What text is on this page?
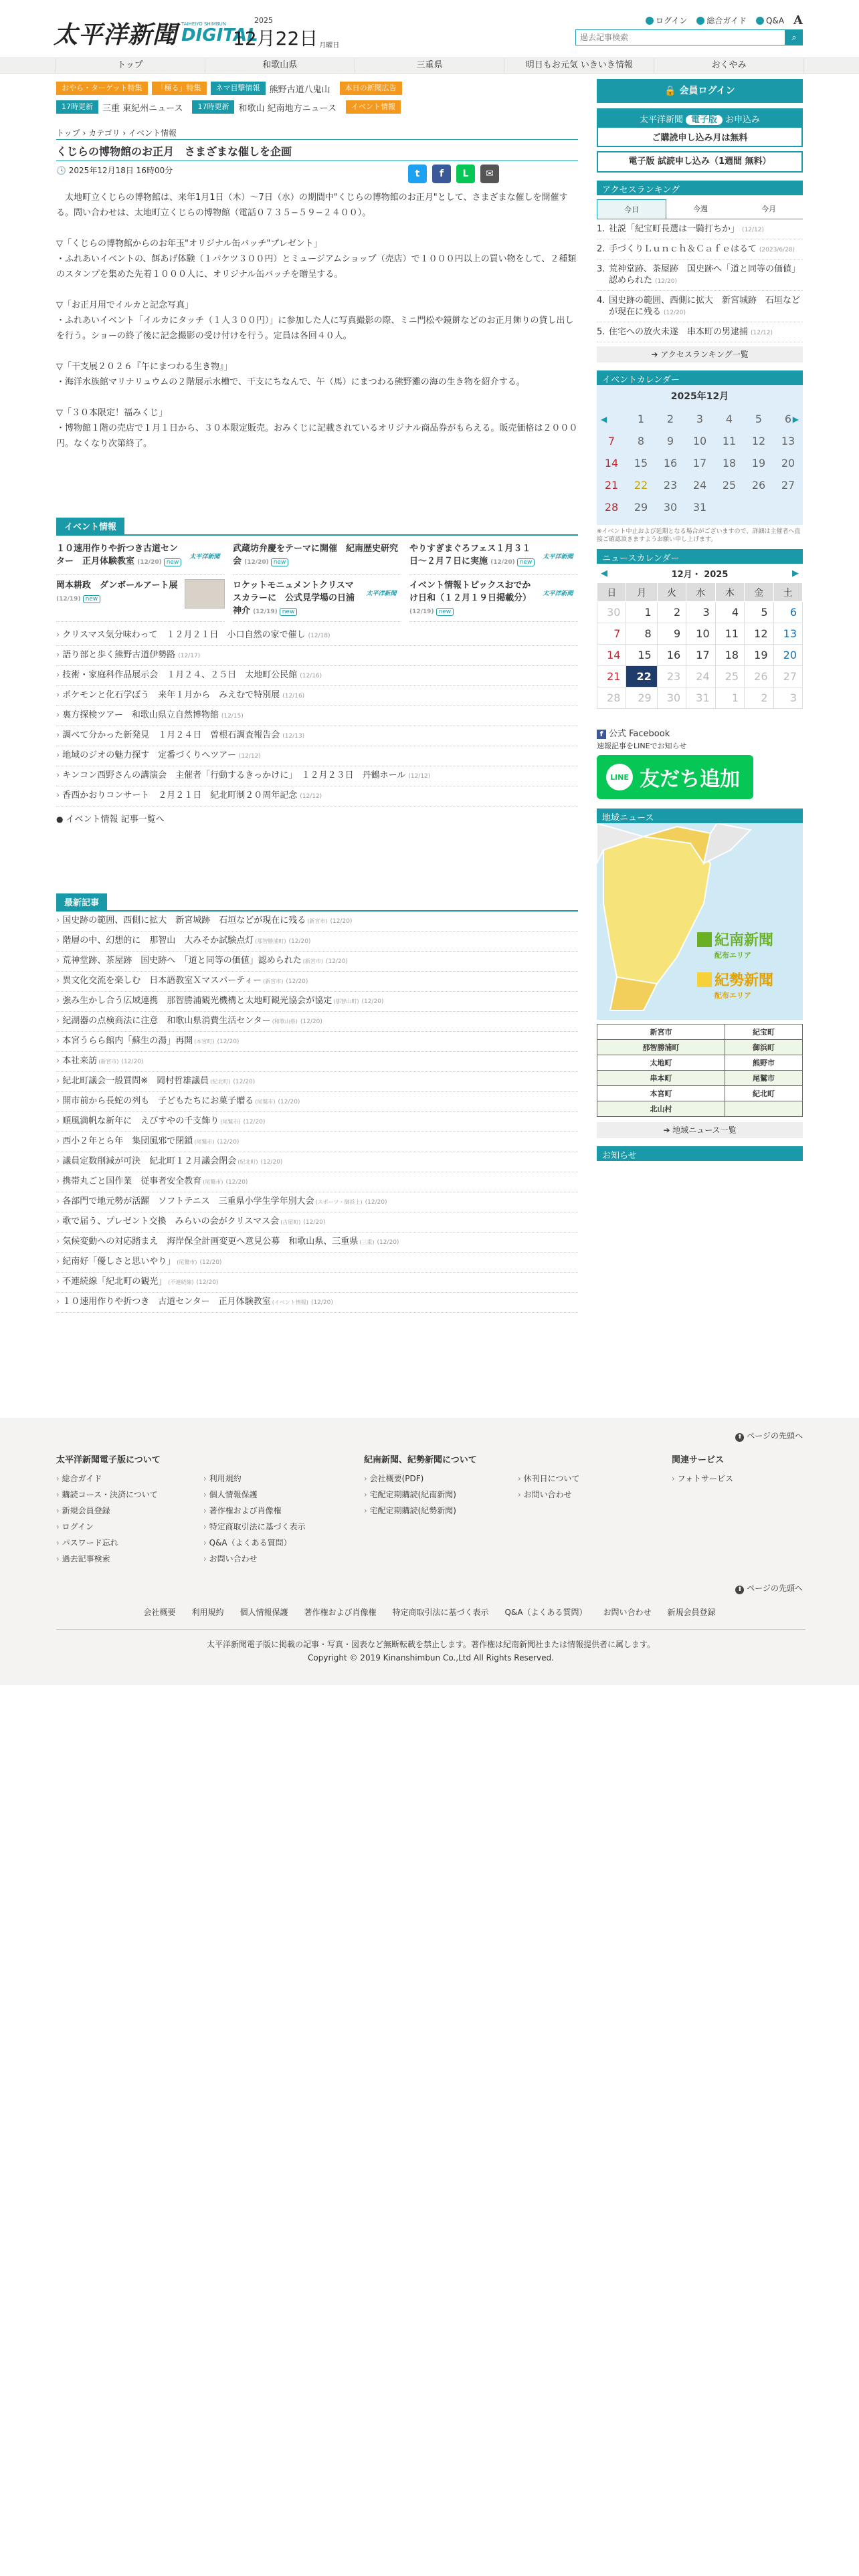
太平洋新聞 TAIHEIYO SHIMBUN
DIGITAL
2025
12月22日 月曜日
ログイン	総合ガイド	Q&A A
過去記事検索
⌕
トップ	和歌山県	三重県	明日もお元気 いきいき情報	おくやみ
おやら・ターゲット特集	「極る」特集	ネマ目撃情報	熊野古道八鬼山	本日の新聞広告
17時更新	三重 東紀州ニュース	17時更新	和歌山 紀南地方ニュース	イベント情報
トップ › カテゴリ › イベント情報
くじらの博物館のお正月　さまざまな催しを企画
🕓 2025年12月18日 16時00分	t	f	L	✉

　太地町立くじらの博物館は、来年1月1日（木）〜7日（水）の期間中"くじらの博物館のお正月"として、さまざまな催しを開催する。問い合わせは、太地町立くじらの博物館（電話０７３５−５９−２４００）。

▽「くじらの博物館からのお年玉"オリジナル缶バッチ"プレゼント」
・ふれあいイベントの、餌あげ体験（１パケツ３００円）とミュージアムショップ（売店）で１０００円以上の買い物をして、２種類のスタンプを集めた先着１０００人に、オリジナル缶バッチを贈呈する。

▽「お正月用でイルカと記念写真」
・ふれあいイベント「イルカにタッチ（１人３００円）」に参加した人に写真撮影の際、ミニ門松や鏡餅などのお正月飾りの貸し出しを行う。ショーの終了後に記念撮影の受け付けを行う。定員は各回４０人。

▽「干支展２０２６『午にまつわる生き物』」
・海洋水族館マリナリュウムの２階展示水槽で、干支にちなんで、午（馬）にまつわる熊野灘の海の生き物を紹介する。

▽「３０本限定！福みくじ」
・博物館１階の売店で１月１日から、３０本限定販売。おみくじに記載されているオリジナル商品券がもらえる。販売価格は２０００円。なくなり次第終了。

イベント情報
１０速用作りや折つき古道センター　正月体験教室 (12/20) new
太平洋新聞
武蔵坊弁慶をテーマに開催　紀南歴史研究会 (12/20) new
やりすぎまぐろフェス１月３１日〜２月７日に実施 (12/20) new
太平洋新聞
岡本耕政　ダンボールアート展 (12/19) new
ロケットモニュメントクリスマスカラーに　公式見学場の日浦神介 (12/19) new
太平洋新聞
イベント情報トピックスおでかけ日和（１２月１９日掲載分） (12/19) new
太平洋新聞
› クリスマス気分味わって　１２月２１日　小口自然の家で催し (12/18)
› 語り部と歩く熊野古道伊勢路 (12/17)
› 技術・家庭科作品展示会　１月２４、２５日　太地町公民館 (12/16)
› ポケモンと化石学ぼう　来年１月から　みえむで特別展 (12/16)
› 裏方探検ツアー　和歌山県立自然博物館 (12/15)
› 調べて分かった新発見　１月２４日　曽根石調査報告会 (12/13)
› 地域のジオの魅力探す　定番づくりへツアー (12/12)
› キンコン西野さんの講演会　主催者「行動するきっかけに」　１２月２３日　丹鶴ホール (12/12)
› 香西かおりコンサート　２月２１日　紀北町制２０周年記念 (12/12)
● イベント情報 記事一覧へ
最新記事
› 国史跡の範囲、西側に拡大　新宮城跡　石垣などが現在に残る (新宮市) (12/20)
› 階層の中、幻想的に　那智山　大みそか試験点灯 (那智勝浦町) (12/20)
› 荒神堂跡、茶屋跡　国史跡へ　「道と同等の価値」認められた (新宮市) (12/20)
› 異文化交流を楽しむ　日本語教室Ｘマスパーティー (新宮市) (12/20)
› 強み生かし合う広域連携　那智勝浦観光機構と太地町観光協会が協定 (那智山町) (12/20)
› 紀湖器の点検商法に注意　和歌山県消費生活センター (和歌山県) (12/20)
› 本宮うらら館内「蘇生の湯」再開 (本宮町) (12/20)
› 本社来訪 (新宮市) (12/20)
› 紀北町議会一般質問※　岡村哲雄議員 (紀北町) (12/20)
› 開市前から長蛇の列も　子どもたちにお菓子贈る (尾鷲市) (12/20)
› 順風満帆な新年に　えびすやの千支飾り (尾鷲市) (12/20)
› 西小２年とら年　集団風邪で閉鎖 (尾鷲市) (12/20)
› 議員定数削減が可決　紀北町１２月議会閉会 (紀北町) (12/20)
› 携帯丸ごと国作業　従事者安全教育 (尾鷲市) (12/20)
› 各部門で地元勢が活躍　ソフトテニス　三重県小学生学年別大会 (スポーツ・御浜上) (12/20)
› 歌で届う、プレゼント交換　みらいの会がクリスマス会 (古屋町) (12/20)
› 気候変動への対応踏まえ　海岸保全計画変更へ意見公募　和歌山県、三重県 (三重) (12/20)
› 紀南好「優しさと思いやり」 (尾鷲市) (12/20)
› 不連続線「紀北町の観光」 (不連続線) (12/20)
› １０速用作りや折つき　古道センター　正月体験教室 (イベント情報) (12/20)
🔒 会員ログイン
太平洋新聞 電子版 お申込み
ご購読申し込み月は無料
電子版 試読申し込み（1週間 無料）
アクセスランキング
今日	今週	今月
1. 社説「紀宝町長選は一騎打ちか」 (12/12)
2. 手づくりＬｕｎｃｈ＆Ｃａｆｅはるて (2023/6/28)
3. 荒神堂跡、茶屋跡　国史跡へ「道と同等の価値」認められた (12/20)
4. 国史跡の範囲、西側に拡大　新宮城跡　石垣などが現在に残る (12/20)
5. 住宅への放火未遂　串本町の男逮捕 (12/12)
➔ アクセスランキング一覧
イベントカレンダー
2025年12月
◀	▶
	1	2	3	4	5	6
7	8	9	10	11	12	13
14	15	16	17	18	19	20
21	22	23	24	25	26	27
28	29	30	31			
※イベント中止および延期となる場合がございますので、詳細は主催者へ直接ご確認頂きますようお願い申し上げます。
ニュースカレンダー
◀	12月・ 2025	▶
日	月	火	水	木	金	土
30	1	2	3	4	5	6
7	8	9	10	11	12	13
14	15	16	17	18	19	20
21	22	23	24	25	26	27
28	29	30	31	1	2	3
f 公式 Facebook
速報記事をLINEでお知らせ
LINE 友だち追加
地域ニュース
紀南新聞
配布エリア
紀勢新聞
配布エリア
新宮市	紀宝町
那智勝浦町	御浜町
太地町	熊野市
串本町	尾鷲市
本宮町	紀北町
北山村	
➔ 地域ニュース一覧
お知らせ
⬆ ページの先頭へ
太平洋新聞電子版について
› 総合ガイド
› 購読コース・決済について
› 新規会員登録
› ログイン
› パスワード忘れ
› 過去記事検索
› 利用規約
› 個人情報保護
› 著作権および肖像権
› 特定商取引法に基づく表示
› Q&A（よくある質問）
› お問い合わせ
紀南新聞、紀勢新聞について
› 会社概要(PDF)
› 宅配定期購読(紀南新聞)
› 宅配定期購読(紀勢新聞)
› 休刊日について
› お問い合わせ
関連サービス
› フォトサービス
⬆ ページの先頭へ
会社概要 利用規約 個人情報保護 著作権および肖像権 特定商取引法に基づく表示 Q&A（よくある質問） お問い合わせ 新規会員登録
太平洋新聞電子版に掲載の記事・写真・図表など無断転載を禁止します。著作権は紀南新聞社または情報提供者に属します。
Copyright © 2019 Kinanshimbun Co.,Ltd All Rights Reserved.
